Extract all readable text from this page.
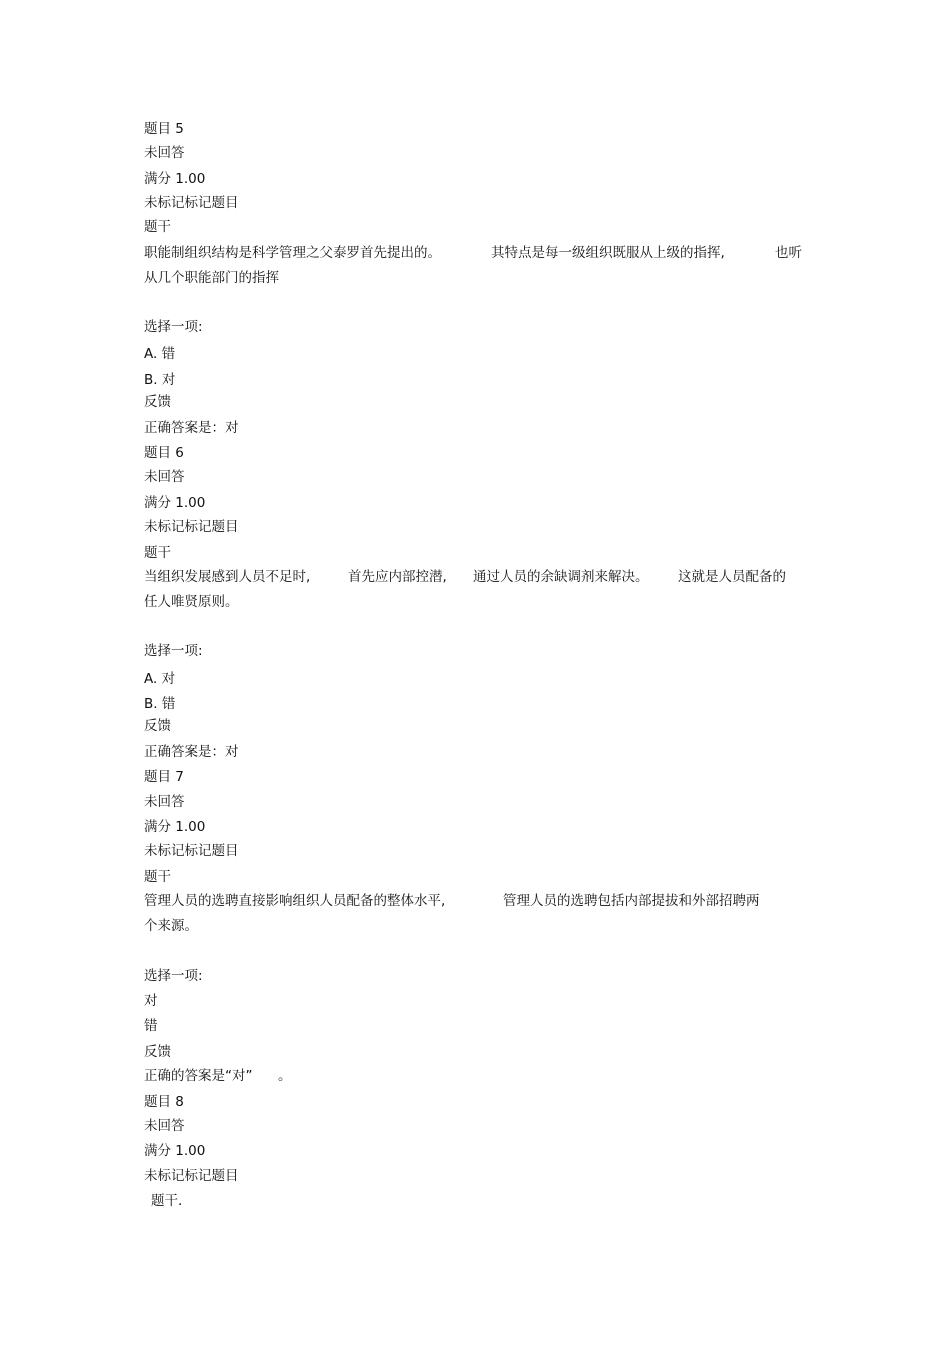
题目 5
未回答
满分 1.00
未标记标记题目
题干
职能制组织结构是科学管理之父泰罗首先提出的。	其特点是每一级组织既服从上级的指挥,	也听
从几个职能部门的指挥
选择一项:
A. 错
B. 对
反馈
正确答案是：对
题目 6
未回答
满分 1.00
未标记标记题目
题干
当组织发展感到人员不足时,	首先应内部控潜, 通过人员的余缺调剂来解决。 这就是人员配备的
任人唯贤原则。
选择一项:
A. 对
B. 错
反馈
正确答案是：对
题目 7
未回答
满分 1.00
未标记标记题目
题干
管理人员的选聘直接影响组织人员配备的整体水平,	管理人员的选聘包括内部提拔和外部招聘两
个来源。
选择一项:
对
错
反馈
正确的答案是“对” 。
题目 8
未回答
满分 1.00
未标记标记题目
题干.
